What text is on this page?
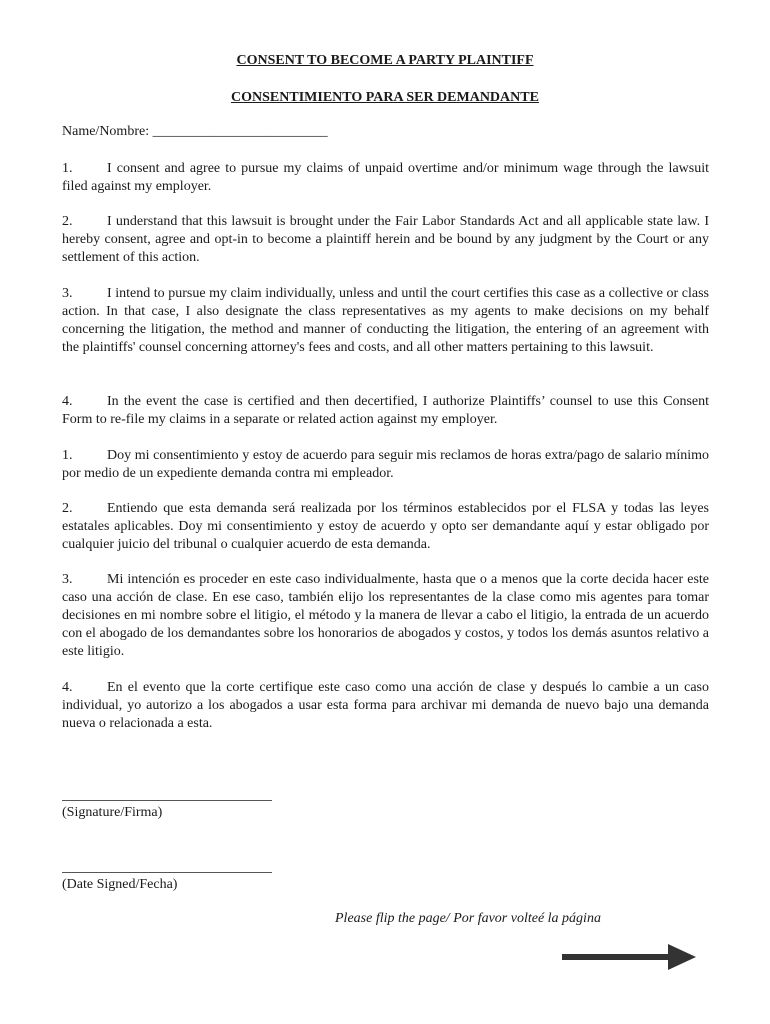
CONSENT TO BECOME A PARTY PLAINTIFF
CONSENTIMIENTO PARA SER DEMANDANTE
Name/Nombre: _________________________
1. I consent and agree to pursue my claims of unpaid overtime and/or minimum wage through the lawsuit filed against my employer.
2. I understand that this lawsuit is brought under the Fair Labor Standards Act and all applicable state law. I hereby consent, agree and opt-in to become a plaintiff herein and be bound by any judgment by the Court or any settlement of this action.
3. I intend to pursue my claim individually, unless and until the court certifies this case as a collective or class action. In that case, I also designate the class representatives as my agents to make decisions on my behalf concerning the litigation, the method and manner of conducting the litigation, the entering of an agreement with the plaintiffs' counsel concerning attorney's fees and costs, and all other matters pertaining to this lawsuit.
4. In the event the case is certified and then decertified, I authorize Plaintiffs’ counsel to use this Consent Form to re-file my claims in a separate or related action against my employer.
1. Doy mi consentimiento y estoy de acuerdo para seguir mis reclamos de horas extra/pago de salario mínimo por medio de un expediente demanda contra mi empleador.
2. Entiendo que esta demanda será realizada por los términos establecidos por el FLSA y todas las leyes estatales aplicables. Doy mi consentimiento y estoy de acuerdo y opto ser demandante aquí y estar obligado por cualquier juicio del tribunal o cualquier acuerdo de esta demanda.
3. Mi intención es proceder en este caso individualmente, hasta que o a menos que la corte decida hacer este caso una acción de clase. En ese caso, también elijo los representantes de la clase como mis agentes para tomar decisiones en mi nombre sobre el litigio, el método y la manera de llevar a cabo el litigio, la entrada de un acuerdo con el abogado de los demandantes sobre los honorarios de abogados y costos, y todos los demás asuntos relativo a este litigio.
4. En el evento que la corte certifique este caso como una acción de clase y después lo cambie a un caso individual, yo autorizo a los abogados a usar esta forma para archivar mi demanda de nuevo bajo una demanda nueva o relacionada a esta.
(Signature/Firma)
(Date Signed/Fecha)
Please flip the page/ Por favor volteé la página
